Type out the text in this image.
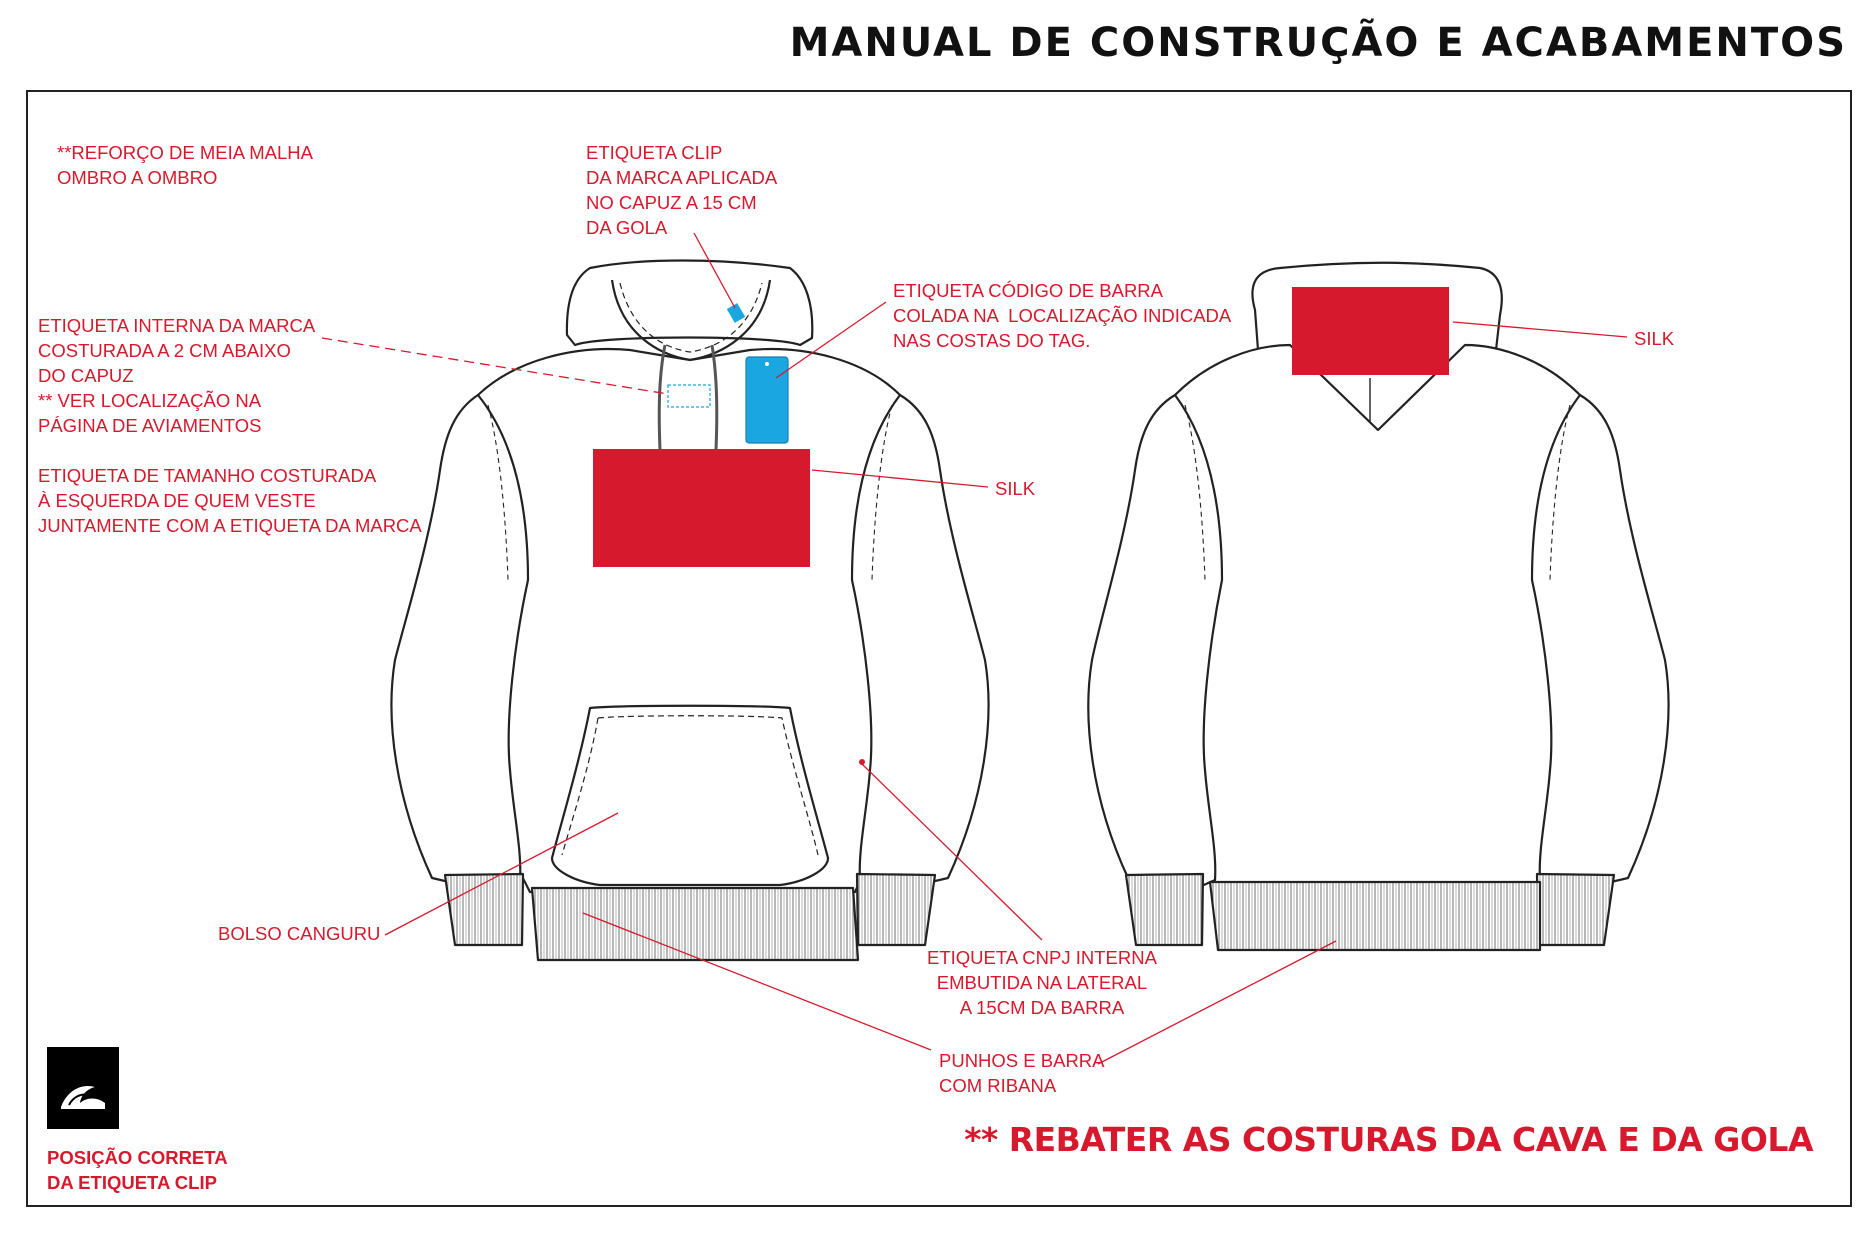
MANUAL DE CONSTRUÇÃO E ACABAMENTOS
**REFORÇO DE MEIA MALHA
OMBRO A OMBRO
ETIQUETA CLIP
DA MARCA APLICADA
NO CAPUZ A 15 CM
DA GOLA
ETIQUETA INTERNA DA MARCA
COSTURADA A 2 CM ABAIXO
DO CAPUZ
** VER LOCALIZAÇÃO NA
PÁGINA DE AVIAMENTOS
ETIQUETA DE TAMANHO COSTURADA
À ESQUERDA DE QUEM VESTE
JUNTAMENTE COM A ETIQUETA DA MARCA
ETIQUETA CÓDIGO DE BARRA
COLADA NA  LOCALIZAÇÃO INDICADA
NAS COSTAS DO TAG.
SILK
SILK
BOLSO CANGURU
ETIQUETA CNPJ INTERNA
EMBUTIDA NA LATERAL
A 15CM DA BARRA
PUNHOS E BARRA
COM RIBANA
POSIÇÃO CORRETA
DA ETIQUETA CLIP
** REBATER AS COSTURAS DA CAVA E DA GOLA
